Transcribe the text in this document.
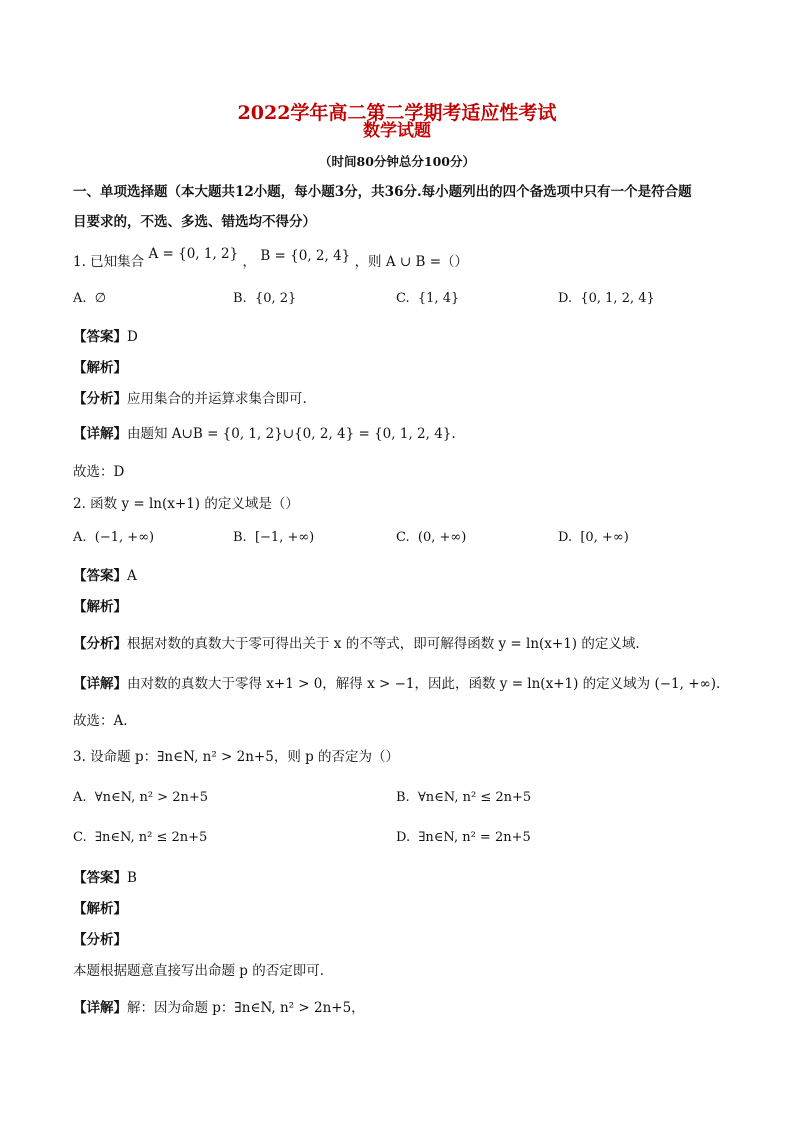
2022学年高二第二学期考适应性考试
数学试题
（时间80分钟总分100分）
一、单项选择题（本大题共12小题，每小题3分，共36分.每小题列出的四个备选项中只有一个是符合题
目要求的，不选、多选、错选均不得分）
1. 已知集合 A = {0, 1, 2} ， B = {0, 2, 4} ，则 A ∪ B =（）
A. ∅	B. {0, 2}	C. {1, 4}	D. {0, 1, 2, 4}
【答案】D
【解析】
【分析】应用集合的并运算求集合即可.
【详解】由题知 A∪B = {0, 1, 2}∪{0, 2, 4} = {0, 1, 2, 4}.
故选：D
2. 函数 y = ln(x+1) 的定义域是（）
A. (−1, +∞)	B. [−1, +∞)	C. (0, +∞)	D. [0, +∞)
【答案】A
【解析】
【分析】根据对数的真数大于零可得出关于 x 的不等式，即可解得函数 y = ln(x+1) 的定义域.
【详解】由对数的真数大于零得 x+1 > 0，解得 x > −1，因此，函数 y = ln(x+1) 的定义域为 (−1, +∞).
故选：A.
3. 设命题 p：∃n∈N, n² > 2n+5，则 p 的否定为（）
A. ∀n∈N, n² > 2n+5	B. ∀n∈N, n² ≤ 2n+5
C. ∃n∈N, n² ≤ 2n+5	D. ∃n∈N, n² = 2n+5
【答案】B
【解析】
【分析】
本题根据题意直接写出命题 p 的否定即可.
【详解】解：因为命题 p：∃n∈N, n² > 2n+5，
